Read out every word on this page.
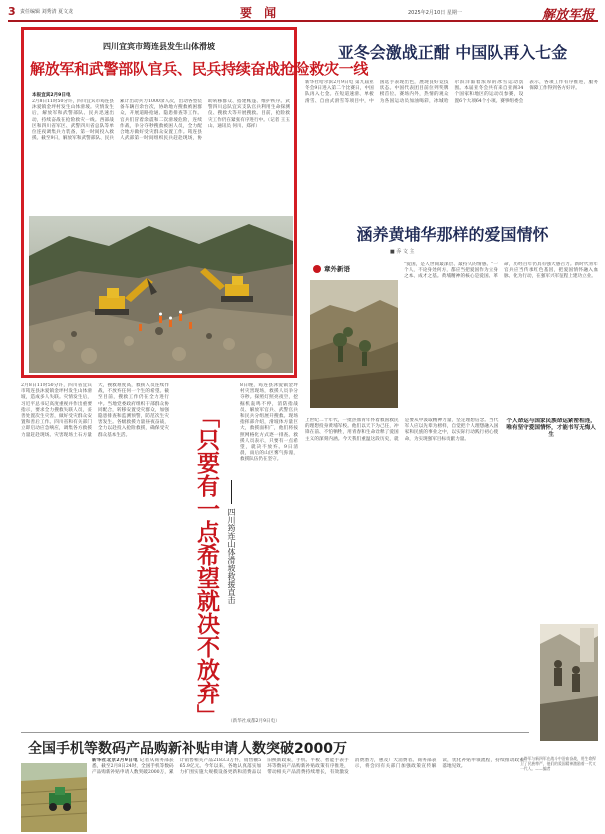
3 责任编辑 刘秀清 夏文龙	要 闻	2025年2月10日 星期一	解放军报
四川宜宾市筠连县发生山体滑坡
解放军和武警部队官兵、民兵持续奋战抢险救灾一线
本报宜宾2月9日电
2月8日11时50分许，四川宜宾市筠连县沐爱镇金坪村发生山体滑坡。灾情发生后，解放军和武警部队、民兵迅速出动，持续奋战在抢险救灾一线。西部战区和四川省军区、武警四川省总队等单位连夜调集兵力装备，第一时间投入救援。截至9日，解放军和武警部队、民兵累计出动兵力1000余人次，出动各型装备车辆百余台次，协助地方搜救被困群众，开展道路抢通、隐患排查等工作。官兵们冒着余震和二次滑坡危险，连续作战，争分夺秒搜救被困人员，全力配合地方做好受灾群众安置工作。筠连县人武部第一时间组织民兵赶赴现场，协助转移群众、搭建帐篷、维护秩序。武警四川总队宜宾支队官兵利用生命探测仪、搜救犬等开展搜救。目前，抢险救灾工作仍在紧张有序进行中。（记者 王玉山、通讯员 何川、郑祥）
2月8日11时50分许，四川省宜宾市筠连县沐爱镇金坪村发生山体滑坡，造成多人失联。灾情发生后，习近平总书记高度重视并作出重要指示，要求全力搜救失联人员，妥善处置次生灾害，做好受灾群众安置和善后工作。四川省和有关部门立即启动应急响应，调集各方救援力量赶赴现场。灾害现场土石方量大，搜救难度高，救援人员连续作战，不放弃任何一个生的希望。截至目前，搜救工作仍在全力进行中。当地党委政府组织干部群众协同配合，转移安置受灾群众，加强隐患排查和监测预警，防范次生灾害发生。各级救援力量昼夜奋战，全力以赴投入抢险救援，确保受灾群众基本生活。	「只要有一点希望就决不放弃」 四川筠连山体滑坡救援直击
8日晚，筠连县沐爱镇金坪村灾害现场，救援人员争分夺秒。探照灯照亮夜空，挖掘机轰鸣不停，消防指战员、解放军官兵、武警官兵和民兵分组展开搜救。现场指挥部介绍，滑坡体方量巨大，救援面积广，他们将按照网格化方式逐一排查。救援人员表示，只要有一点希望，就决不放弃。9日清晨，雨后的山区雾气弥漫，救援队伍仍在坚守。
（新华社成都2月9日电）
亚冬会激战正酣 中国队再入七金
新华社哈尔滨2月9日电 第九届亚冬会9日进入第二个比赛日，中国队再入七金。在短道速滑、单板滑雪、自由式滑雪等项目中，中国选手表现出色，展现良好竞技状态。中国代表团目前位列奖牌榜首位。赛场内外，热情的观众为各国运动员加油喝彩，冰城哈尔滨洋溢着浓厚的冰雪运动氛围。本届亚冬会共有来自亚洲34个国家和地区的运动员参赛，设置6个大项64个小项。赛事组委会表示，各项工作有序推进，服务保障工作得到各方好评。
涵养黄埔华那样的爱国情怀
■ 乔 文 主
章外新语
"爱国，是人世间最深层、最持久的情感。"一个人，不论身处何方，都应当把爱国作为立身之本、成才之基。黄埔精神的核心是爱国、革命，历经百年仍具有强大感召力。新时代青年官兵应当传承红色基因，把爱国情怀融入血脉、化为行动，在强军兴军征程上建功立业。
上世纪二十年代，一批热血青年怀着救国救民的理想投身黄埔军校。他们以天下为己任，冲锋在前、不怕牺牲，用青春和生命诠释了爱国主义的深刻内涵。今天我们重温这段历史，就是要从中汲取精神力量，坚定理想信念。当代军人应以先辈为榜样，自觉把个人理想融入国家和民族的事业之中，以实际行动践行初心使命，为实现强军目标贡献力量。
个人命运与国家民族命运紧密相连，唯有坚守爱国情怀，才能书写无悔人生
八路军与新四军在战斗中浴血奋战，用生命捍卫了民族尊严，他们的爱国精神激励着一代又一代人。——编者
全国手机等数码产品购新补贴申请人数突破2000万
新华社北京2月9日电 记者从商务部获悉，截至2月8日24时，全国手机等数码产品购新补贴申请人数突破2000万，累计销售相关产品2183.3万件，销售额565.9亿元。今年以来，各地认真落实加力扩围实施大规模设备更新和消费品以旧换新政策，手机、平板、智能手表手环等数码产品购新补贴政策有序推进，带动相关产品消费持续增长，有效激发消费潜力，惠及广大消费者。商务部表示，将会同有关部门加强政策宣传解读，优化补贴申领流程，持续推动政策落地见效。
